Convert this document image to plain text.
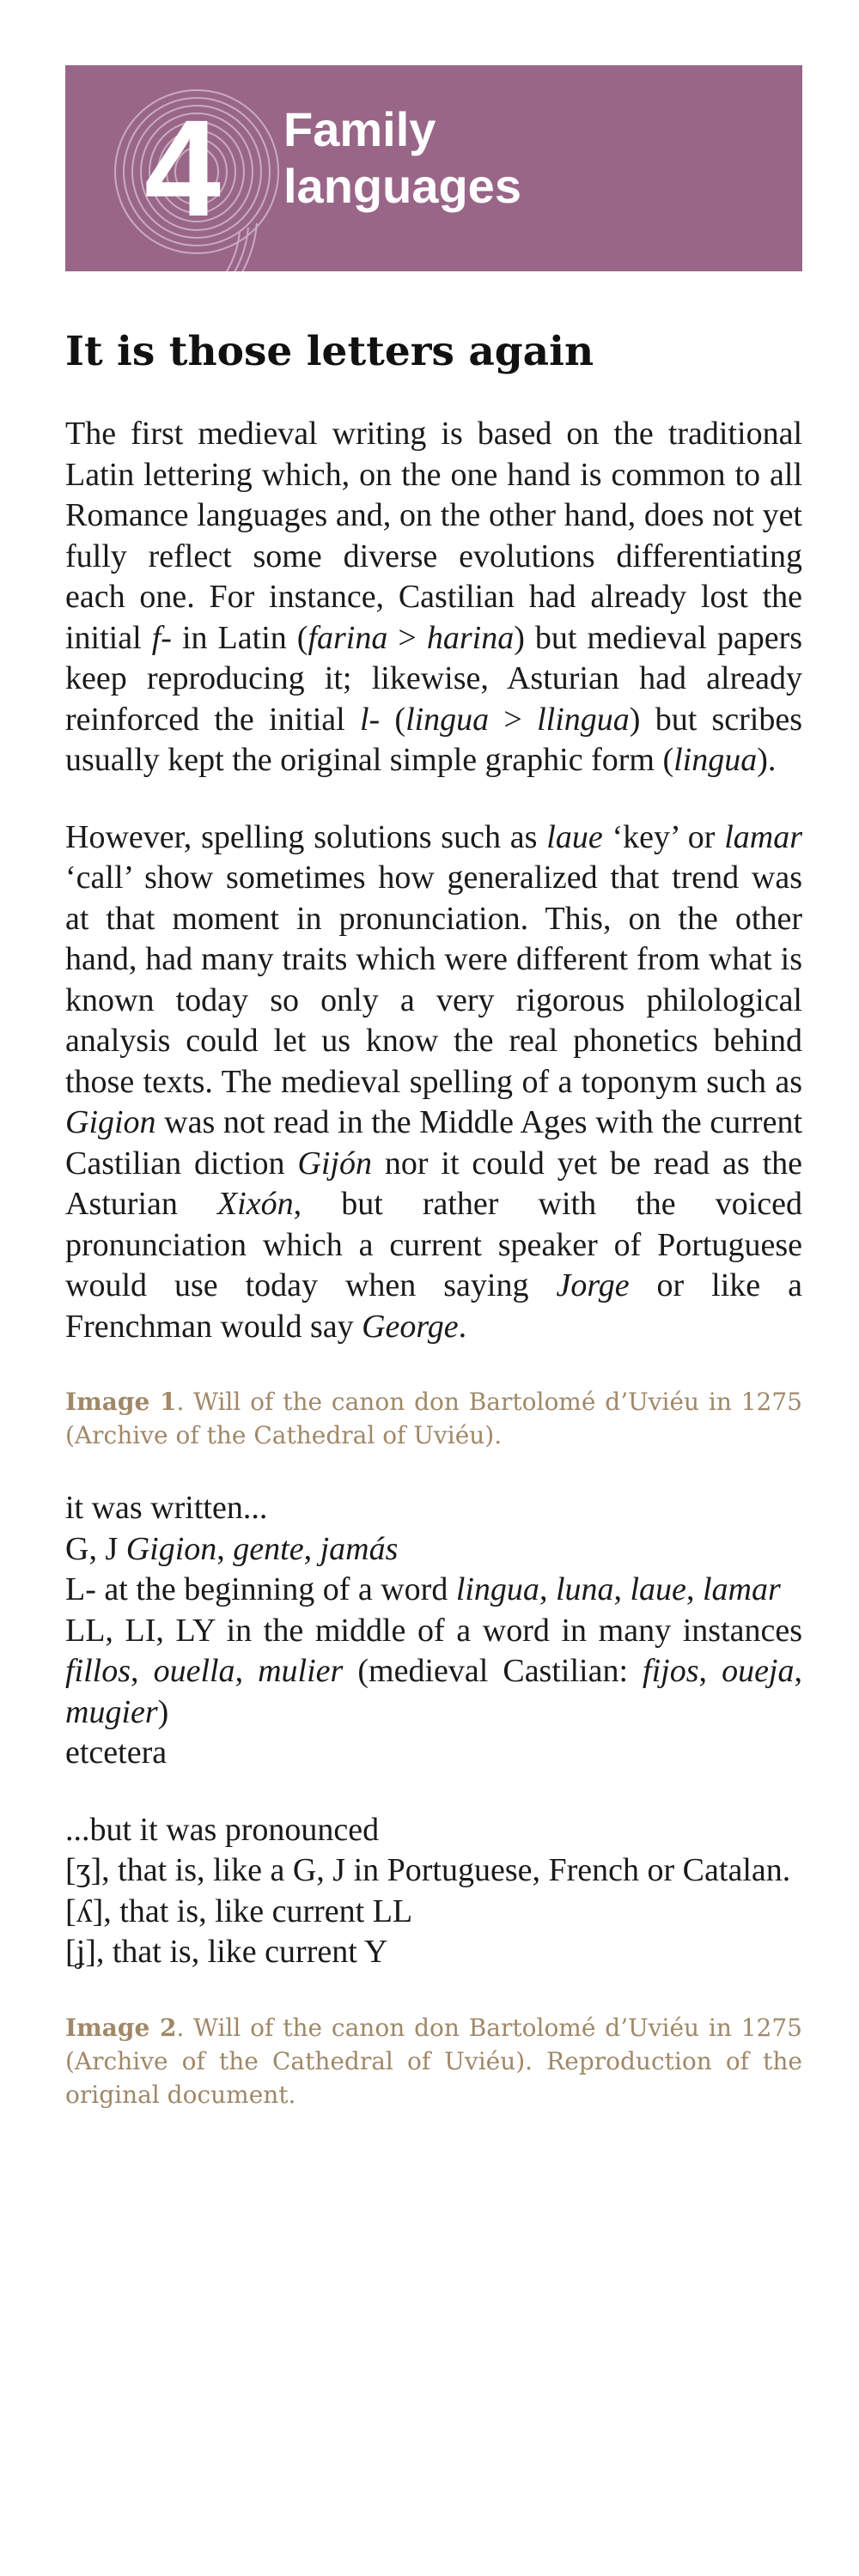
4 Family
languages
It is those letters again

The first medieval writing is based on the traditional Latin lettering which, on the one hand is common to all Romance languages and, on the other hand, does not yet fully reflect some diverse evolutions differentiating each one. For instance, Castilian had already lost the initial f- in Latin (farina > harina) but medieval papers keep reproducing it; likewise, Asturian had already reinforced the initial l- (lingua > llingua) but scribes usually kept the original simple graphic form (lingua).

However, spelling solutions such as laue ‘key’ or lamar ‘call’ show sometimes how generalized that trend was at that moment in pronunciation. This, on the other hand, had many traits which were different from what is known today so only a very rigorous philological analysis could let us know the real phonetics behind those texts. The medieval spelling of a toponym such as Gigion was not read in the Middle Ages with the current Castilian diction Gijón nor it could yet be read as the Asturian Xixón, but rather with the voiced pronunciation which a current speaker of Portuguese would use today when saying Jorge or like a Frenchman would say George.

Image 1. Will of the canon don Bartolomé d’Uviéu in 1275 (Archive of the Cathedral of Uviéu).

it was written...
G, J Gigion, gente, jamás
L- at the beginning of a word lingua, luna, laue, lamar
LL, LI, LY in the middle of a word in many instances fillos, ouella, mulier (medieval Castilian: fijos, oueja, mugier)
etcetera
...but it was pronounced
[ʒ], that is, like a G, J in Portuguese, French or Catalan.
[ʎ], that is, like current LL
[ʝ], that is, like current Y

Image 2. Will of the canon don Bartolomé d’Uviéu in 1275 (Archive of the Cathedral of Uviéu). Reproduction of the original document.
